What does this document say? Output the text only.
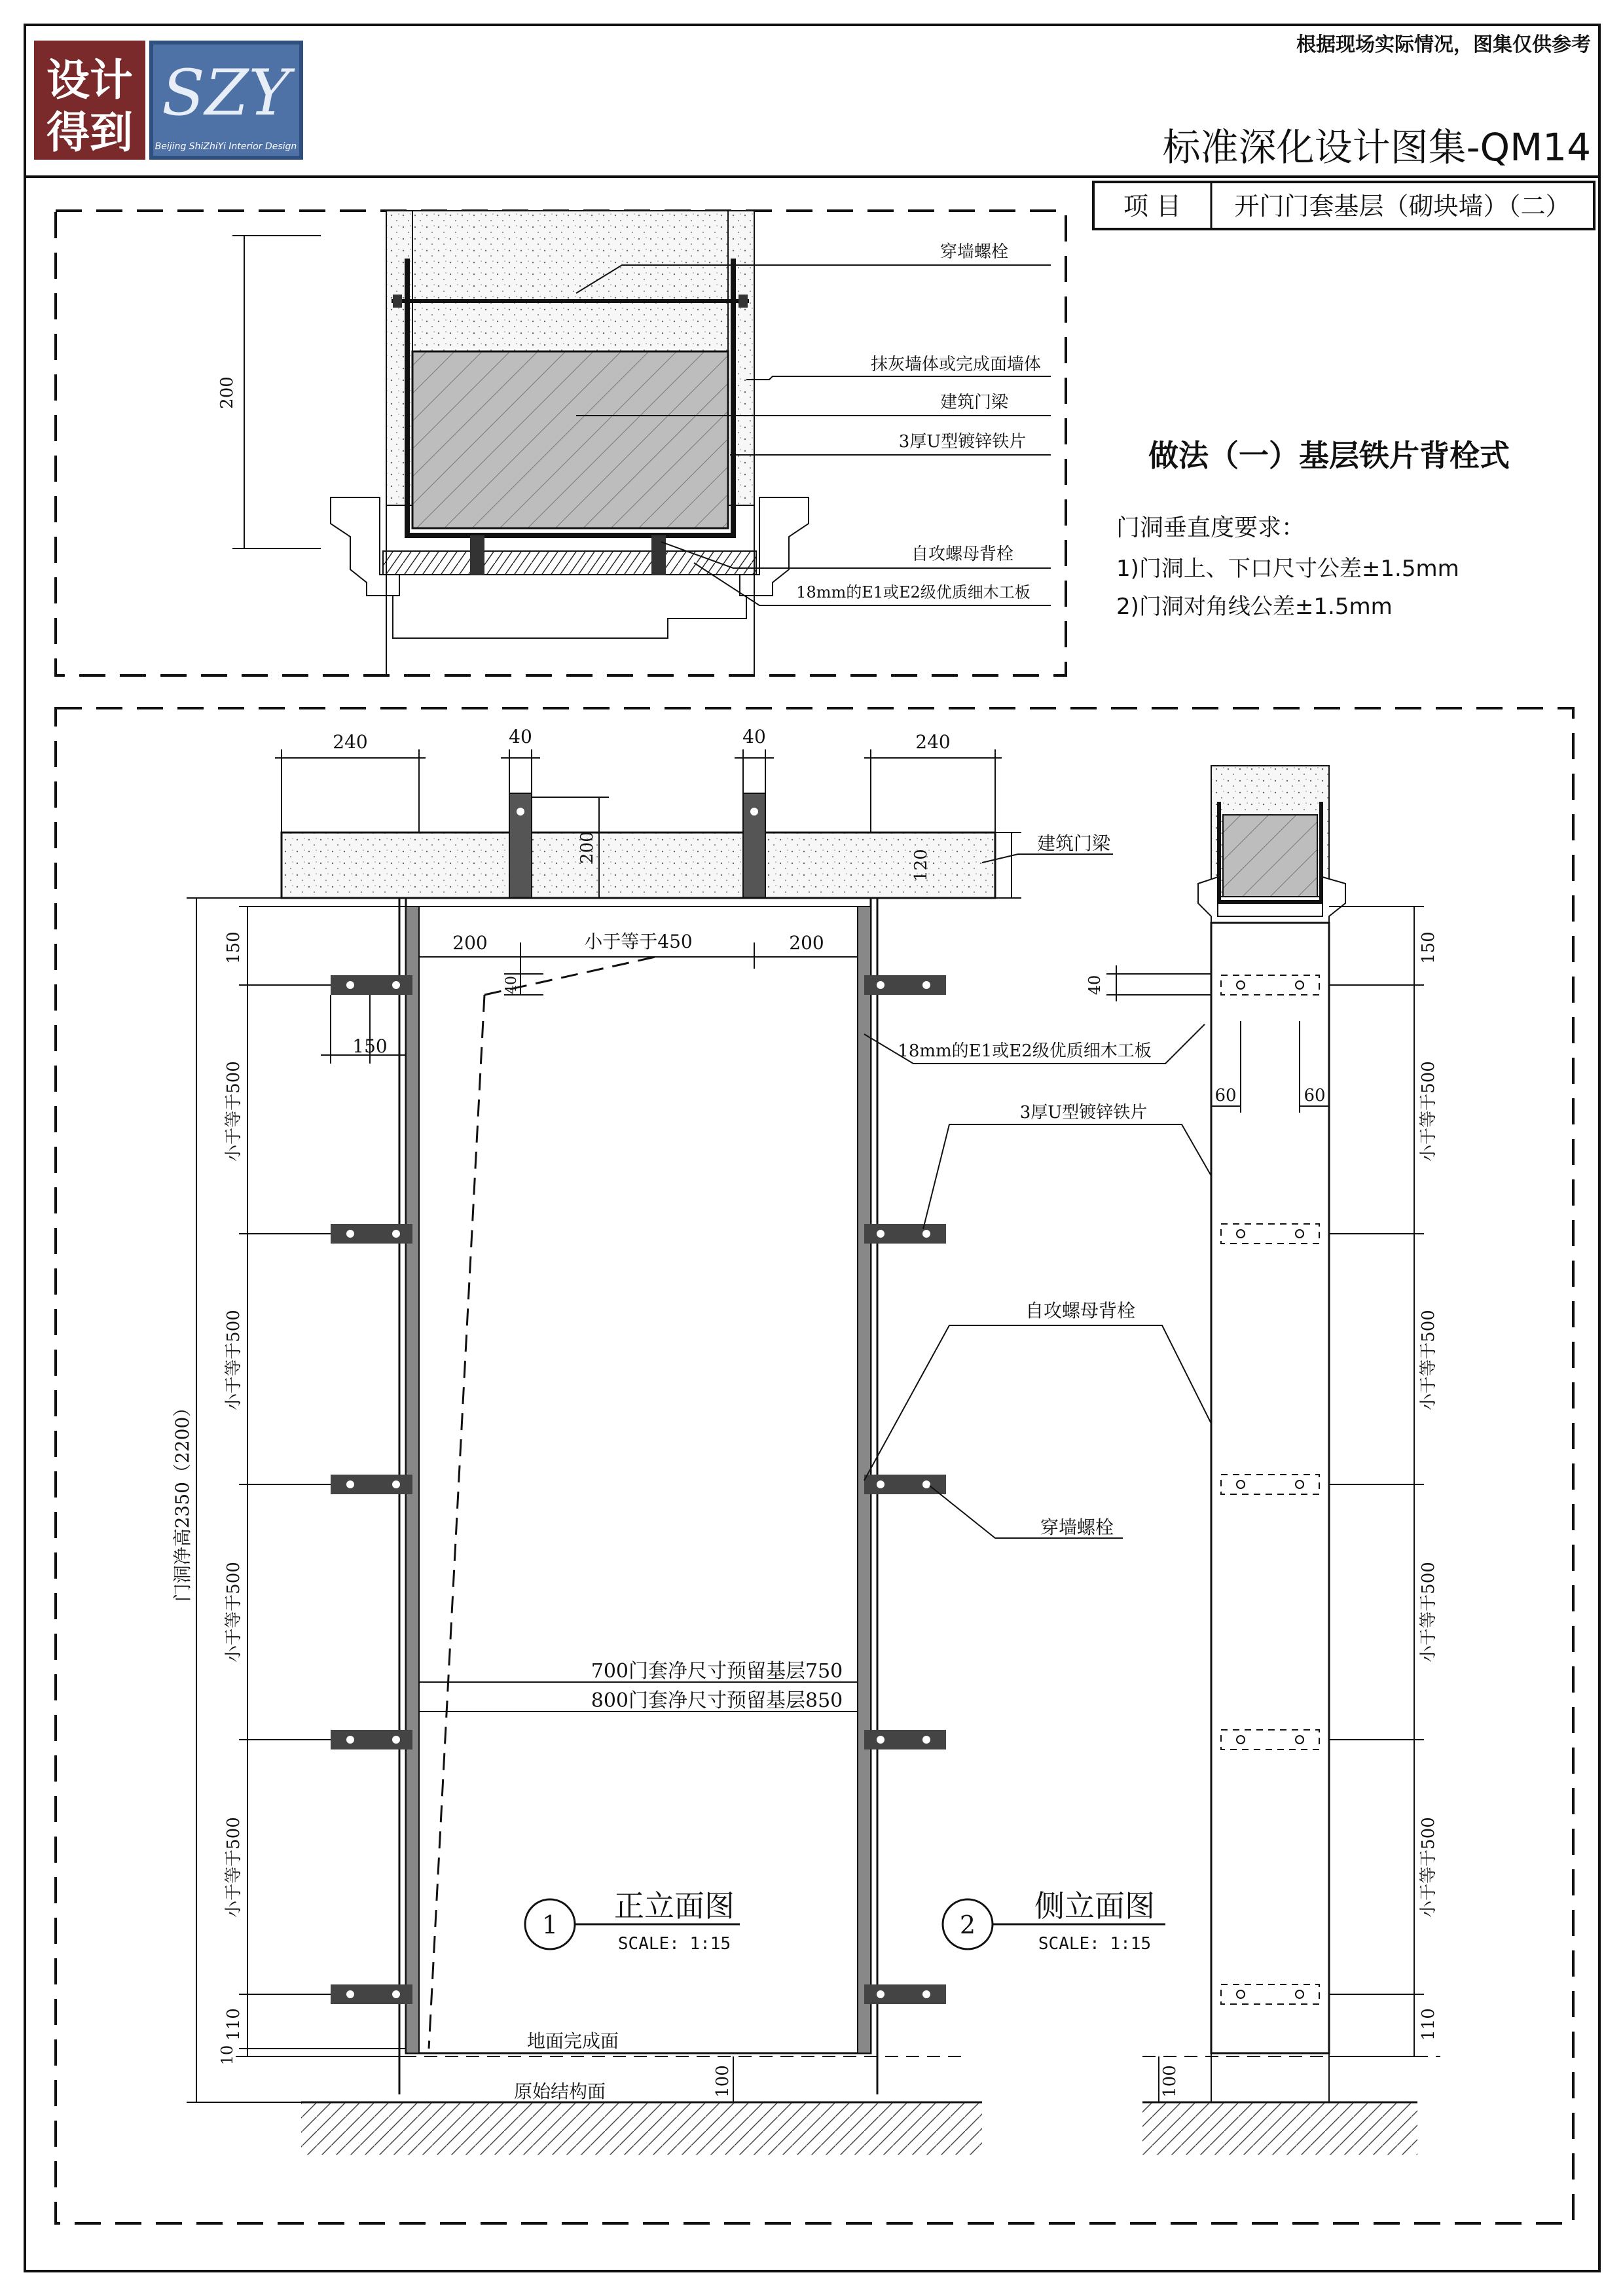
设计
得到
SZY
Beijing ShiZhiYi Interior Design
根据现场实际情况，图集仅供参考
标准深化设计图集-QM14
项 目 开门门套基层（砌块墙）（二）
200
穿墙螺栓
抹灰墙体或完成面墙体
建筑门梁
3厚U型镀锌铁片
自攻螺母背栓
18mm的E1或E2级优质细木工板
做法（一）基层铁片背栓式
门洞垂直度要求：
1)门洞上、下口尺寸公差±1.5mm
2)门洞对角线公差±1.5mm
240	40	40	240
200
120
200	小于等于450	200
40
150
700门套净尺寸预留基层750
800门套净尺寸预留基层850
150
小于等于500
小于等于500
小于等于500
小于等于500
110
10
门洞净高2350（2200）
100
建筑门梁
18mm的E1或E2级优质细木工板
3厚U型镀锌铁片
自攻螺母背栓
穿墙螺栓
地面完成面
原始结构面
1
正立面图
SCALE: 1:15
40
60	60
150
小于等于500
小于等于500
小于等于500
小于等于500
110
100
2
侧立面图
SCALE: 1:15
